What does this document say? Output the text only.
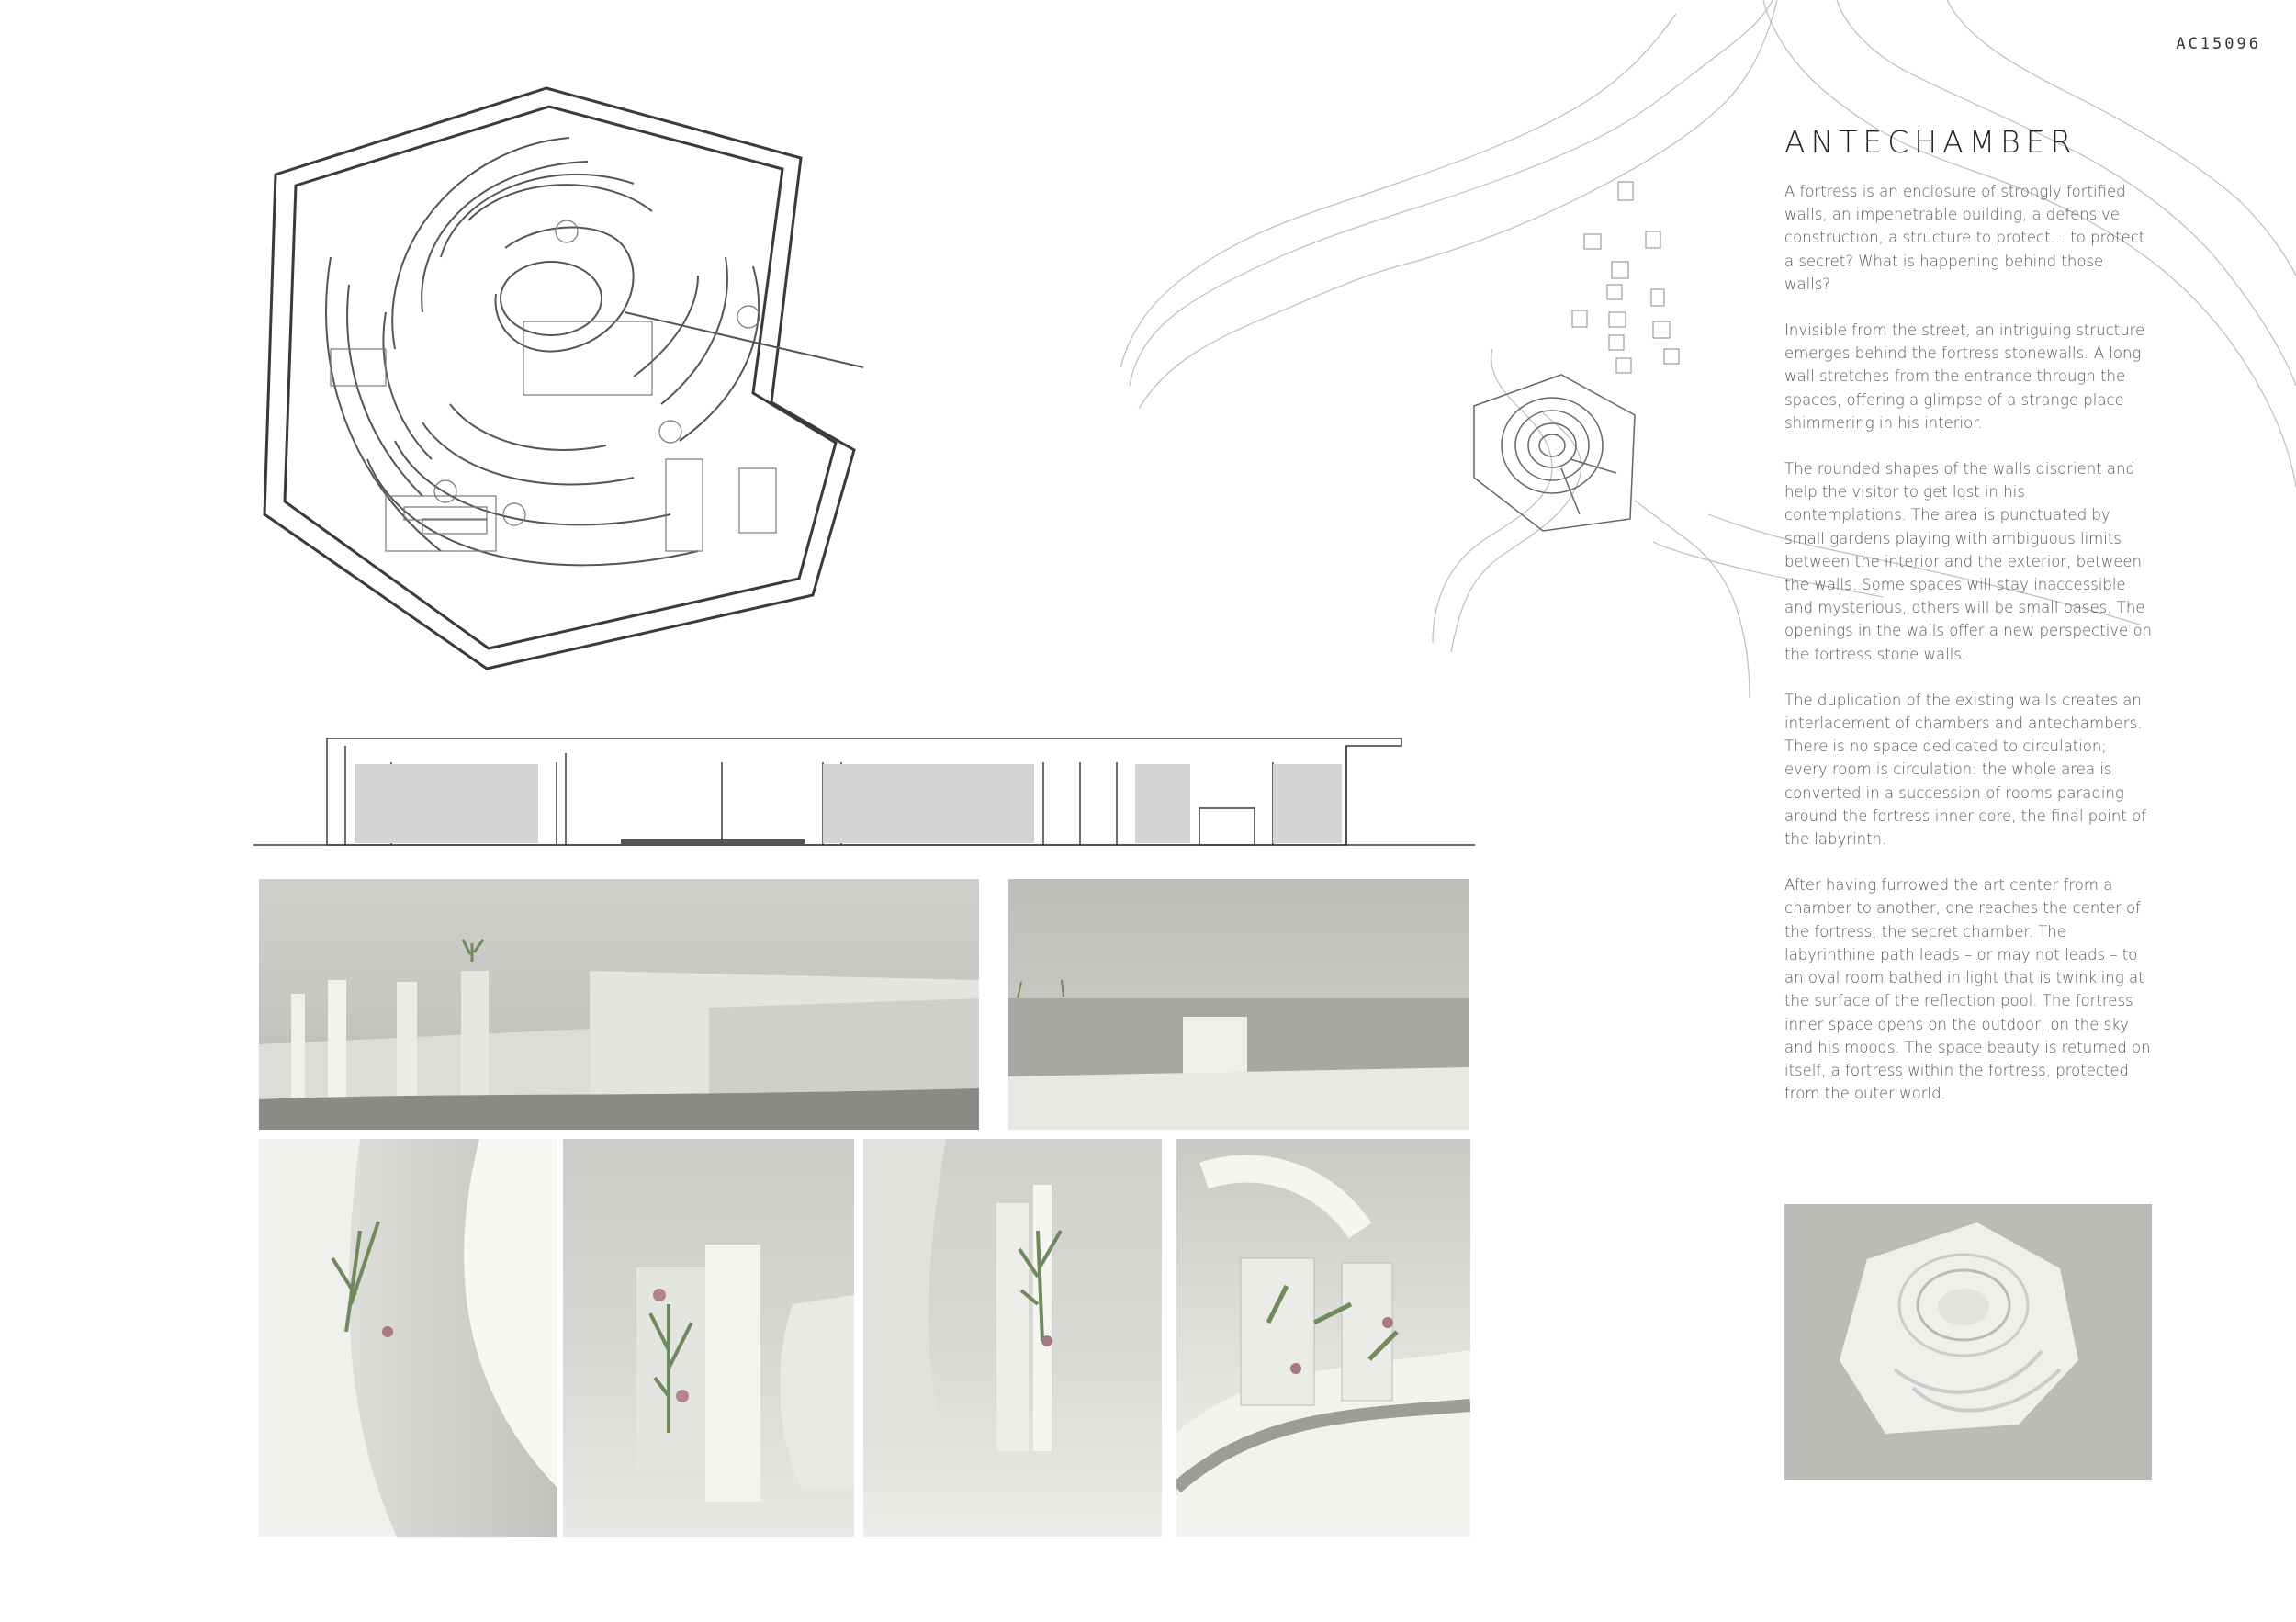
AC15096
ANTECHAMBER

A fortress is an enclosure of strongly fortified walls, an impenetrable building, a defensive construction, a structure to protect… to protect a secret? What is happening behind those walls?

Invisible from the street, an intriguing structure emerges behind the fortress stonewalls. A long wall stretches from the entrance through the spaces, offering a glimpse of a strange place shimmering in his interior.

The rounded shapes of the walls disorient and help the visitor to get lost in his contemplations. The area is punctuated by small gardens playing with ambiguous limits between the interior and the exterior, between the walls. Some spaces will stay inaccessible and mysterious, others will be small oases. The openings in the walls offer a new perspective on the fortress stone walls.

The duplication of the existing walls creates an interlacement of chambers and antechambers. There is no space dedicated to circulation; every room is circulation: the whole area is converted in a succession of rooms parading around the fortress inner core, the final point of the labyrinth.

After having furrowed the art center from a chamber to another, one reaches the center of the fortress, the secret chamber. The labyrinthine path leads – or may not leads – to an oval room bathed in light that is twinkling at the surface of the reflection pool. The fortress inner space opens on the outdoor, on the sky and his moods. The space beauty is returned on itself, a fortress within the fortress, protected from the outer world.
